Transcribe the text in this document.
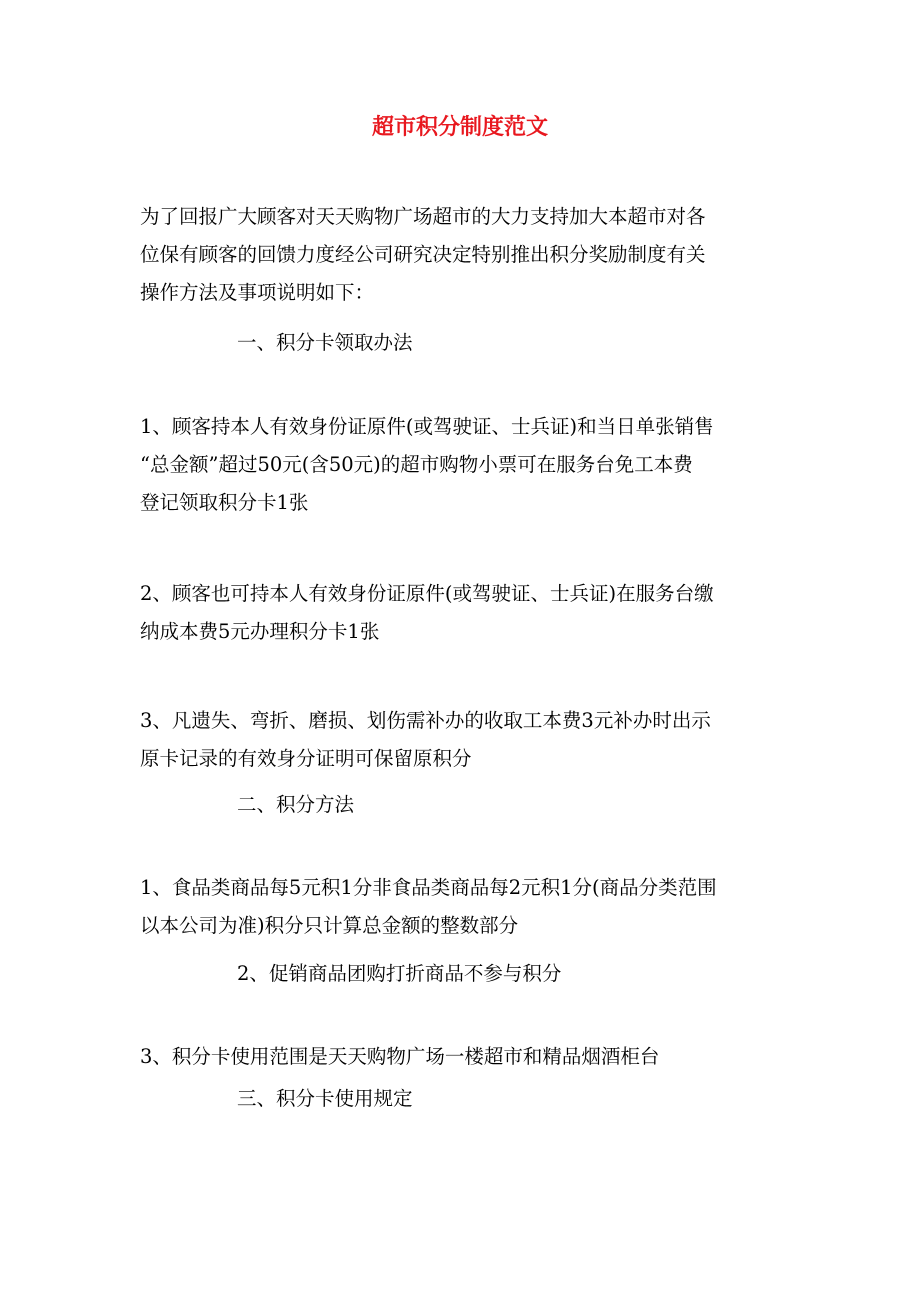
超市积分制度范文

为了回报广大顾客对天天购物广场超市的大力支持加大本超市对各
位保有顾客的回馈力度经公司研究决定特别推出积分奖励制度有关
操作方法及事项说明如下：

一、积分卡领取办法

1、顾客持本人有效身份证原件(或驾驶证、士兵证)和当日单张销售
“总金额”超过50元(含50元)的超市购物小票可在服务台免工本费
登记领取积分卡1张

2、顾客也可持本人有效身份证原件(或驾驶证、士兵证)在服务台缴
纳成本费5元办理积分卡1张

3、凡遗失、弯折、磨损、划伤需补办的收取工本费3元补办时出示
原卡记录的有效身分证明可保留原积分

二、积分方法

1、食品类商品每5元积1分非食品类商品每2元积1分(商品分类范围
以本公司为准)积分只计算总金额的整数部分

2、促销商品团购打折商品不参与积分

3、积分卡使用范围是天天购物广场一楼超市和精品烟酒柜台

三、积分卡使用规定
